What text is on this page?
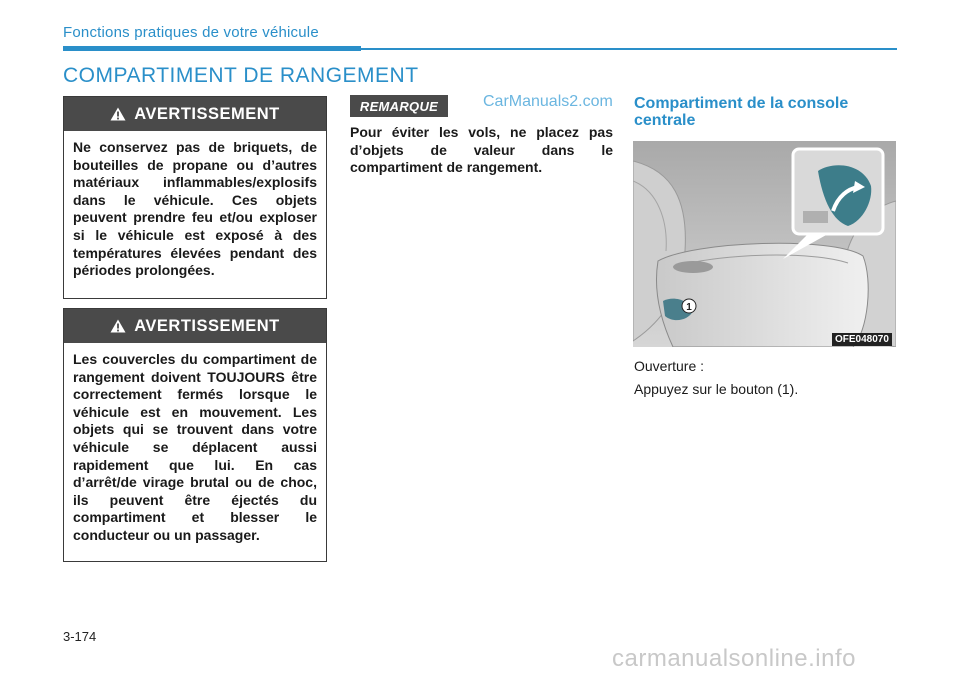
Fonctions pratiques de votre véhicule
COMPARTIMENT DE RANGEMENT
AVERTISSEMENT
Ne conservez pas de briquets, de bouteilles de propane ou d’autres matériaux inflammables/explosifs dans le véhicule. Ces objets peuvent prendre feu et/ou exploser si le véhicule est exposé à des températures élevées pendant des périodes prolongées.
AVERTISSEMENT
Les couvercles du compartiment de rangement doivent TOUJOURS être correctement fermés lorsque le véhicule est en mouvement. Les objets qui se trouvent dans votre véhicule se déplacent aussi rapidement que lui. En cas d’arrêt/de virage brutal ou de choc, ils peuvent être éjectés du compartiment et blesser le conducteur ou un passager.
REMARQUE	CarManuals2.com
Pour éviter les vols, ne placez pas d’objets de valeur dans le compartiment de rangement.
Compartiment de la console centrale
1
OFE048070
Ouverture :
Appuyez sur le bouton (1).
3-174
carmanualsonline.info
